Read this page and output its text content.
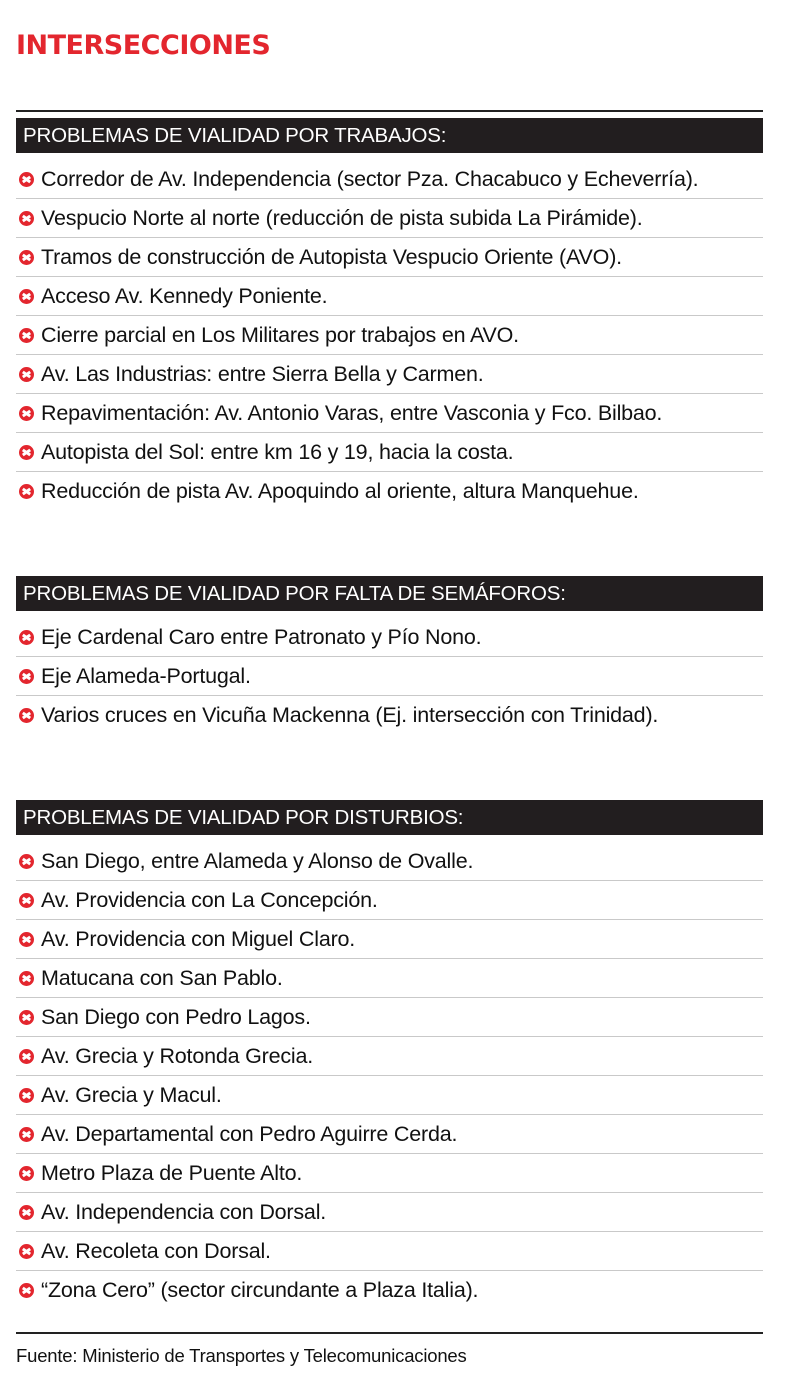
INTERSECCIONES
PROBLEMAS DE VIALIDAD POR TRABAJOS:
Corredor de Av. Independencia (sector Pza. Chacabuco y Echeverría).
Vespucio Norte al norte (reducción de pista subida La Pirámide).
Tramos de construcción de Autopista Vespucio Oriente (AVO).
Acceso Av. Kennedy Poniente.
Cierre parcial en Los Militares por trabajos en AVO.
Av. Las Industrias: entre Sierra Bella y Carmen.
Repavimentación: Av. Antonio Varas, entre Vasconia y Fco. Bilbao.
Autopista del Sol: entre km 16 y 19, hacia la costa.
Reducción de pista Av. Apoquindo al oriente, altura Manquehue.
PROBLEMAS DE VIALIDAD POR FALTA DE SEMÁFOROS:
Eje Cardenal Caro entre Patronato y Pío Nono.
Eje Alameda-Portugal.
Varios cruces en Vicuña Mackenna (Ej. intersección con Trinidad).
PROBLEMAS DE VIALIDAD POR DISTURBIOS:
San Diego, entre Alameda y Alonso de Ovalle.
Av. Providencia con La Concepción.
Av. Providencia con Miguel Claro.
Matucana con San Pablo.
San Diego con Pedro Lagos.
Av. Grecia y Rotonda Grecia.
Av. Grecia y Macul.
Av. Departamental con Pedro Aguirre Cerda.
Metro Plaza de Puente Alto.
Av. Independencia con Dorsal.
Av. Recoleta con Dorsal.
“Zona Cero” (sector circundante a Plaza Italia).
Fuente: Ministerio de Transportes y Telecomunicaciones
